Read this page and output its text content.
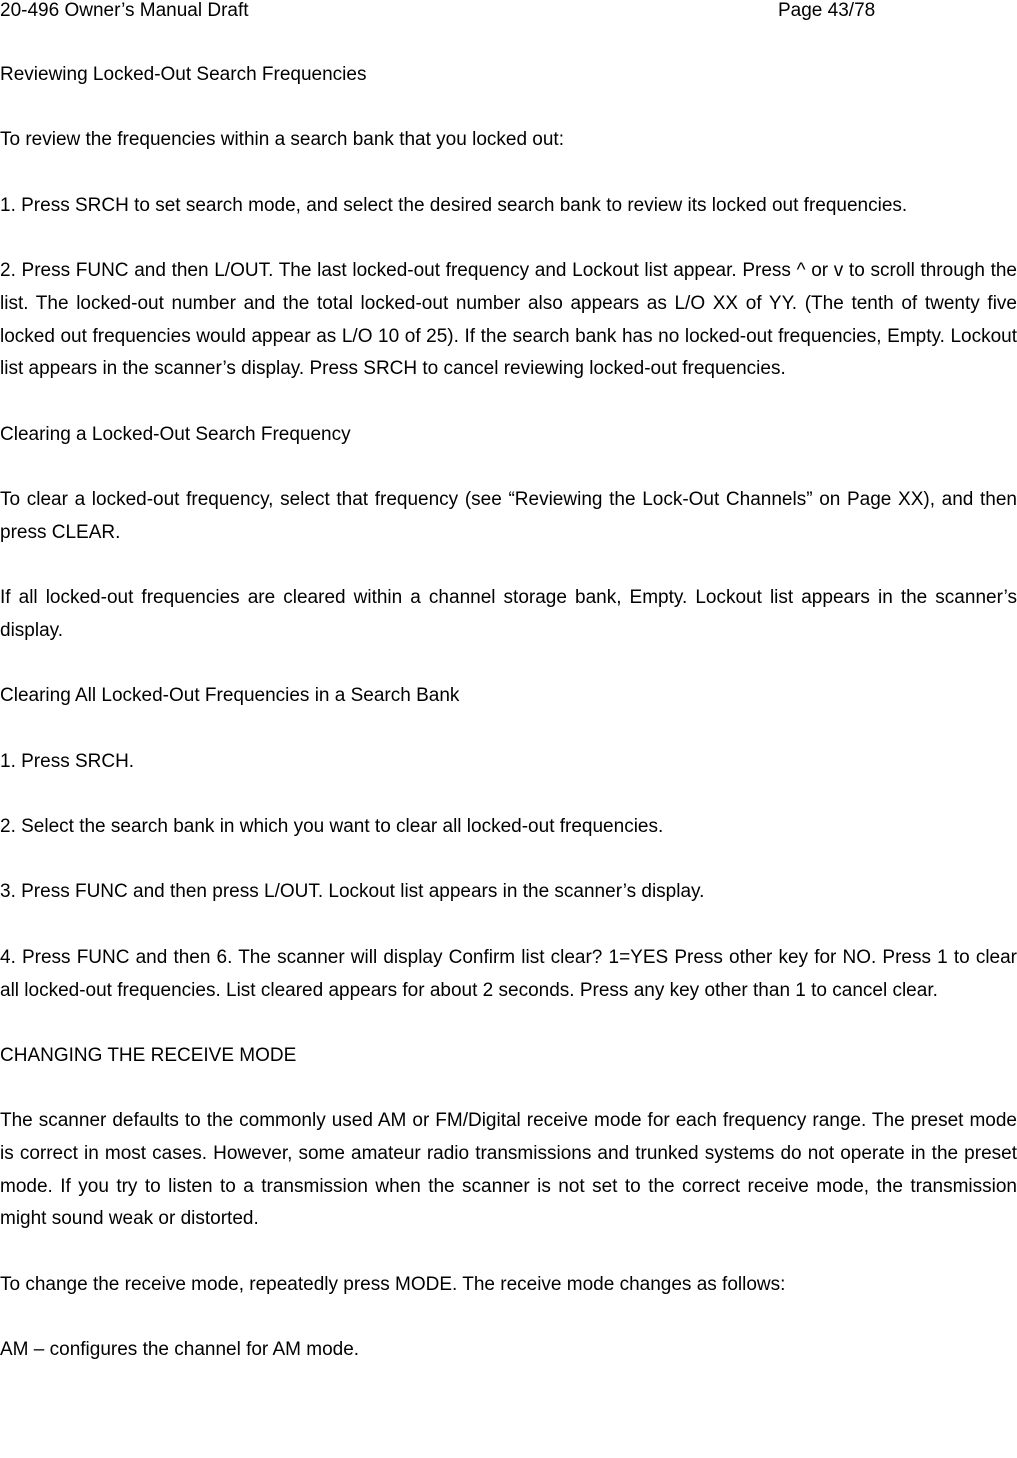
20-496 Owner’s Manual Draft	Page 43/78

Reviewing Locked-Out Search Frequencies

To review the frequencies within a search bank that you locked out:

1. Press SRCH to set search mode, and select the desired search bank to review its locked out frequencies.

2. Press FUNC and then L/OUT. The last locked-out frequency and Lockout list appear. Press ^ or v to scroll through the list. The locked-out number and the total locked-out number also appears as L/O XX of YY. (The tenth of twenty five locked out frequencies would appear as L/O 10 of 25). If the search bank has no locked-out frequencies, Empty. Lockout list appears in the scanner’s display. Press SRCH to cancel reviewing locked-out frequencies.

Clearing a Locked-Out Search Frequency

To clear a locked-out frequency, select that frequency (see “Reviewing the Lock-Out Channels” on Page XX), and then press CLEAR.

If all locked-out frequencies are cleared within a channel storage bank, Empty. Lockout list appears in the scanner’s display.

Clearing All Locked-Out Frequencies in a Search Bank

1. Press SRCH.

2. Select the search bank in which you want to clear all locked-out frequencies.

3. Press FUNC and then press L/OUT. Lockout list appears in the scanner’s display.

4. Press FUNC and then 6. The scanner will display Confirm list clear? 1=YES Press other key for NO. Press 1 to clear all locked-out frequencies. List cleared appears for about 2 seconds. Press any key other than 1 to cancel clear.

CHANGING THE RECEIVE MODE

The scanner defaults to the commonly used AM or FM/Digital receive mode for each frequency range. The preset mode is correct in most cases. However, some amateur radio transmissions and trunked systems do not operate in the preset mode. If you try to listen to a transmission when the scanner is not set to the correct receive mode, the transmission might sound weak or distorted.

To change the receive mode, repeatedly press MODE. The receive mode changes as follows:

AM – configures the channel for AM mode.
